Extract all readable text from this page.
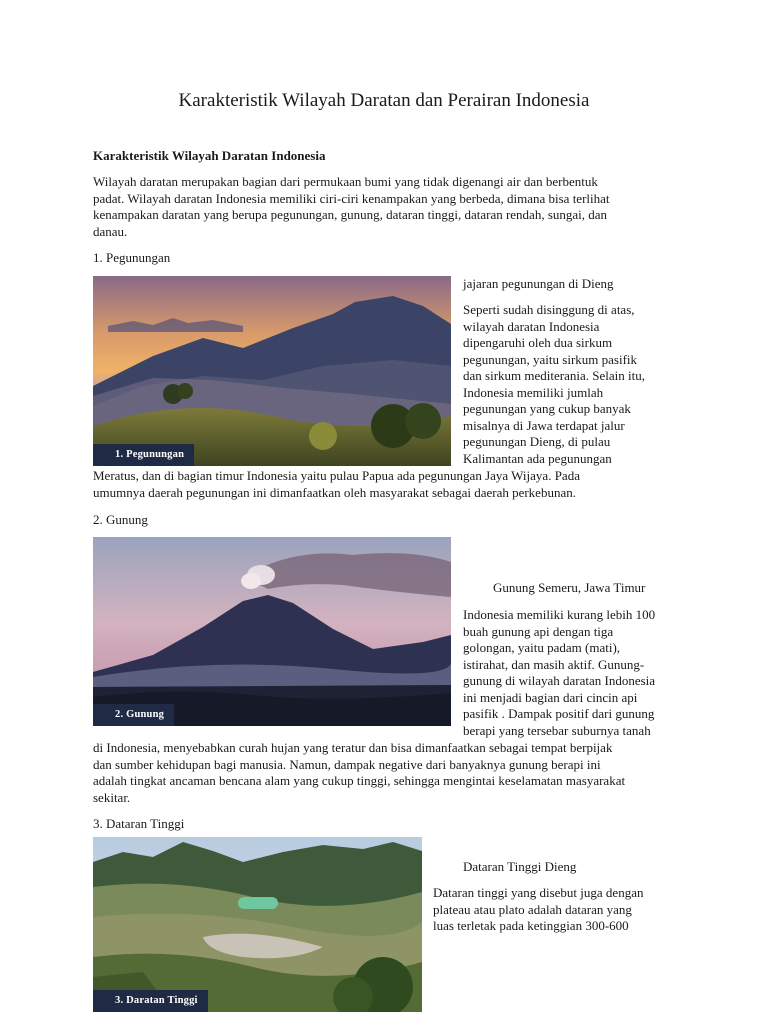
Karakteristik Wilayah Daratan dan Perairan Indonesia
Karakteristik Wilayah Daratan Indonesia
Wilayah daratan merupakan bagian dari permukaan bumi yang tidak digenangi air dan berbentuk
padat. Wilayah daratan Indonesia memiliki ciri-ciri kenampakan yang berbeda, dimana bisa terlihat
kenampakan daratan yang berupa pegunungan, gunung, dataran tinggi, dataran rendah, sungai, dan
danau.
1. Pegunungan
1. Pegunungan
jajaran pegunungan di Dieng
Seperti sudah disinggung di atas,
wilayah daratan Indonesia
dipengaruhi oleh dua sirkum
pegunungan, yaitu sirkum pasifik
dan sirkum mediterania. Selain itu,
Indonesia memiliki jumlah
pegunungan yang cukup banyak
misalnya di Jawa terdapat jalur
pegunungan Dieng, di pulau
Kalimantan ada pegunungan
Meratus, dan di bagian timur Indonesia yaitu pulau Papua ada pegunungan Jaya Wijaya. Pada
umumnya daerah pegunungan ini dimanfaatkan oleh masyarakat sebagai daerah perkebunan.
2. Gunung
2. Gunung
Gunung Semeru, Jawa Timur
Indonesia memiliki kurang lebih 100
buah gunung api dengan tiga
golongan, yaitu padam (mati),
istirahat, dan masih aktif. Gunung-
gunung di wilayah daratan Indonesia
ini menjadi bagian dari cincin api
pasifik . Dampak positif dari gunung
berapi yang tersebar suburnya tanah
di Indonesia, menyebabkan curah hujan yang teratur dan bisa dimanfaatkan sebagai tempat berpijak
dan sumber kehidupan bagi manusia. Namun, dampak negative dari banyaknya gunung berapi ini
adalah tingkat ancaman bencana alam yang cukup tinggi, sehingga mengintai keselamatan masyarakat
sekitar.
3. Dataran Tinggi
3. Daratan Tinggi
Dataran Tinggi Dieng
Dataran tinggi yang disebut juga dengan
plateau atau plato adalah dataran yang
luas terletak pada ketinggian 300-600
